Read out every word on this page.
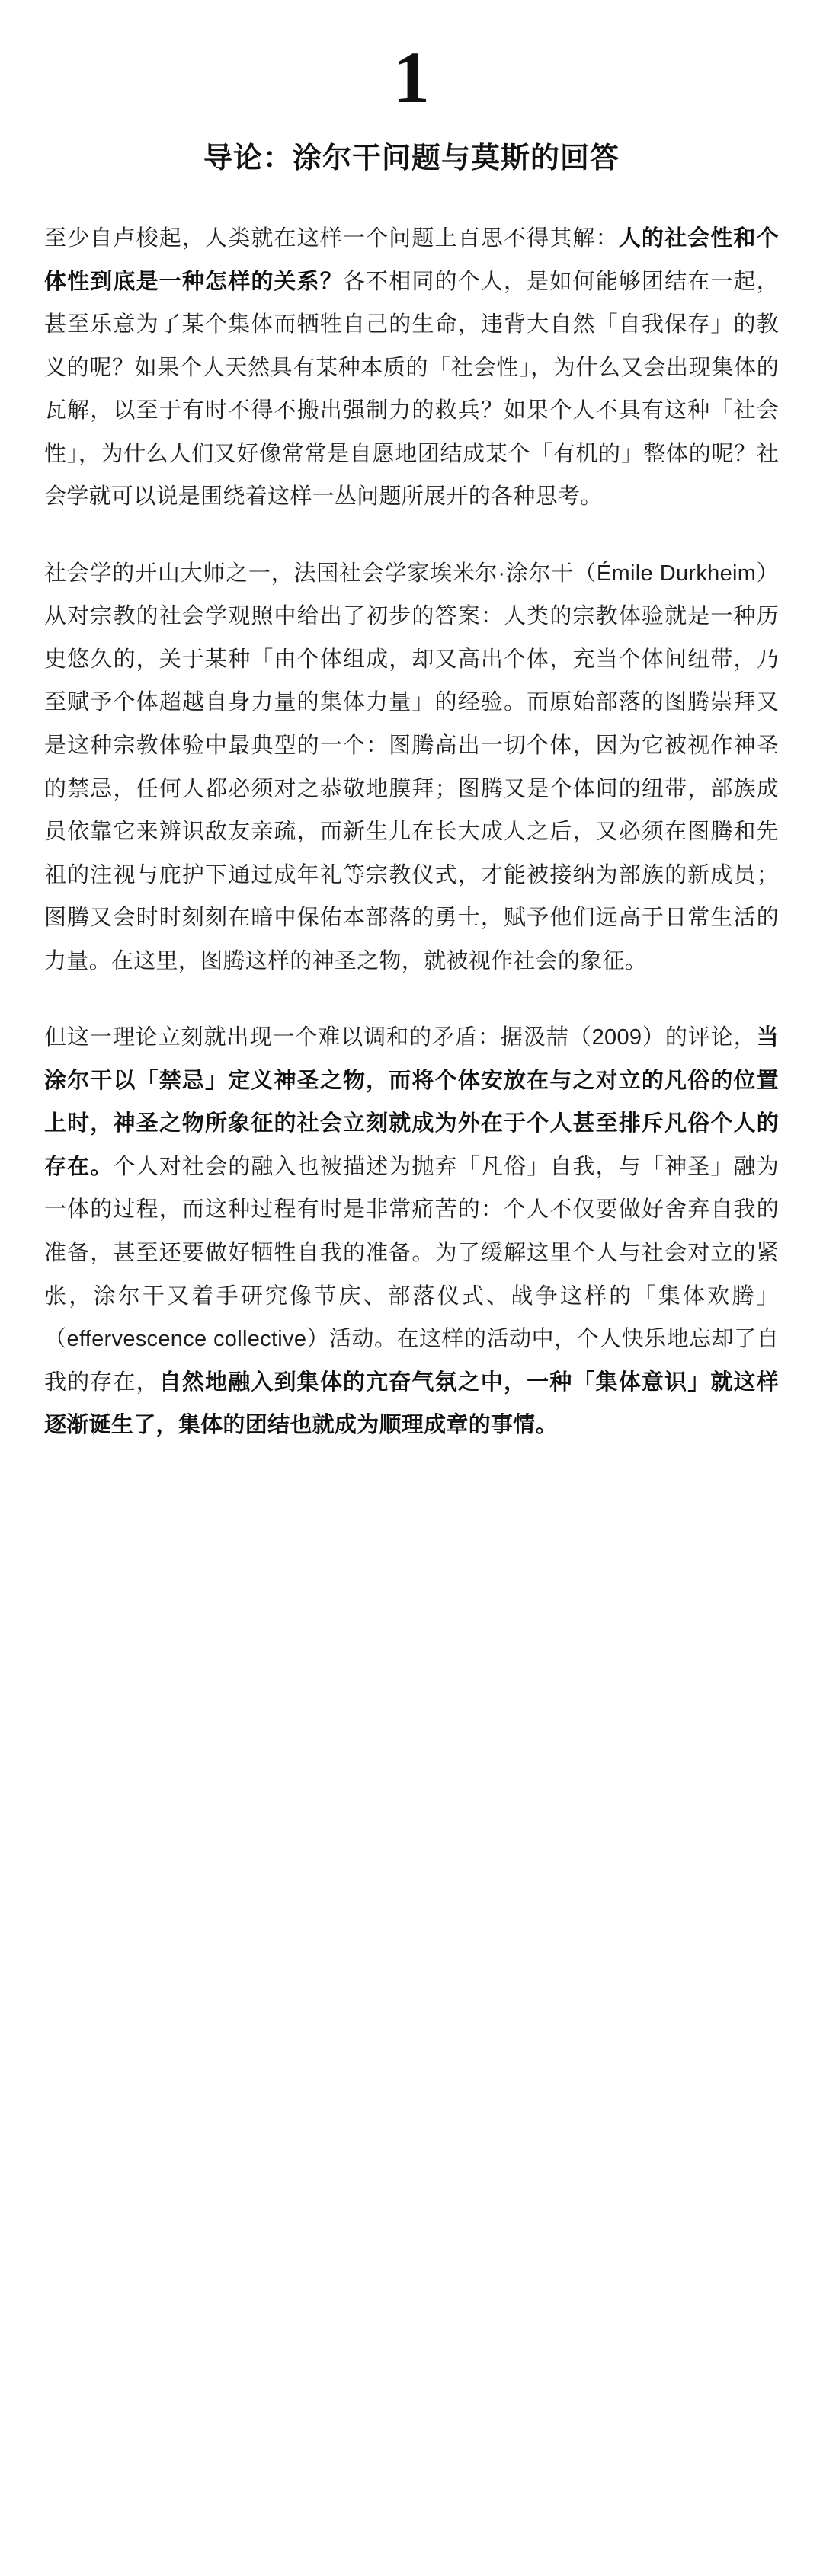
1
导论：涂尔干问题与莫斯的回答

至少自卢梭起，人类就在这样一个问题上百思不得其解：人的社会性和个体性到底是一种怎样的关系？各不相同的个人，是如何能够团结在一起，甚至乐意为了某个集体而牺牲自己的生命，违背大自然「自我保存」的教义的呢？如果个人天然具有某种本质的「社会性」，为什么又会出现集体的瓦解，以至于有时不得不搬出强制力的救兵？如果个人不具有这种「社会性」，为什么人们又好像常常是自愿地团结成某个「有机的」整体的呢？社会学就可以说是围绕着这样一丛问题所展开的各种思考。

社会学的开山大师之一，法国社会学家埃米尔·涂尔干（Émile Durkheim）从对宗教的社会学观照中给出了初步的答案：人类的宗教体验就是一种历史悠久的，关于某种「由个体组成，却又高出个体，充当个体间纽带，乃至赋予个体超越自身力量的集体力量」的经验。而原始部落的图腾崇拜又是这种宗教体验中最典型的一个：图腾高出一切个体，因为它被视作神圣的禁忌，任何人都必须对之恭敬地膜拜；图腾又是个体间的纽带，部族成员依靠它来辨识敌友亲疏，而新生儿在长大成人之后，又必须在图腾和先祖的注视与庇护下通过成年礼等宗教仪式，才能被接纳为部族的新成员；图腾又会时时刻刻在暗中保佑本部落的勇士，赋予他们远高于日常生活的力量。在这里，图腾这样的神圣之物，就被视作社会的象征。

但这一理论立刻就出现一个难以调和的矛盾：据汲喆（2009）的评论，当涂尔干以「禁忌」定义神圣之物，而将个体安放在与之对立的凡俗的位置上时，神圣之物所象征的社会立刻就成为外在于个人甚至排斥凡俗个人的存在。个人对社会的融入也被描述为抛弃「凡俗」自我，与「神圣」融为一体的过程，而这种过程有时是非常痛苦的：个人不仅要做好舍弃自我的准备，甚至还要做好牺牲自我的准备。为了缓解这里个人与社会对立的紧张，涂尔干又着手研究像节庆、部落仪式、战争这样的「集体欢腾」（effervescence collective）活动。在这样的活动中，个人快乐地忘却了自我的存在，自然地融入到集体的亢奋气氛之中，一种「集体意识」就这样逐渐诞生了，集体的团结也就成为顺理成章的事情。
